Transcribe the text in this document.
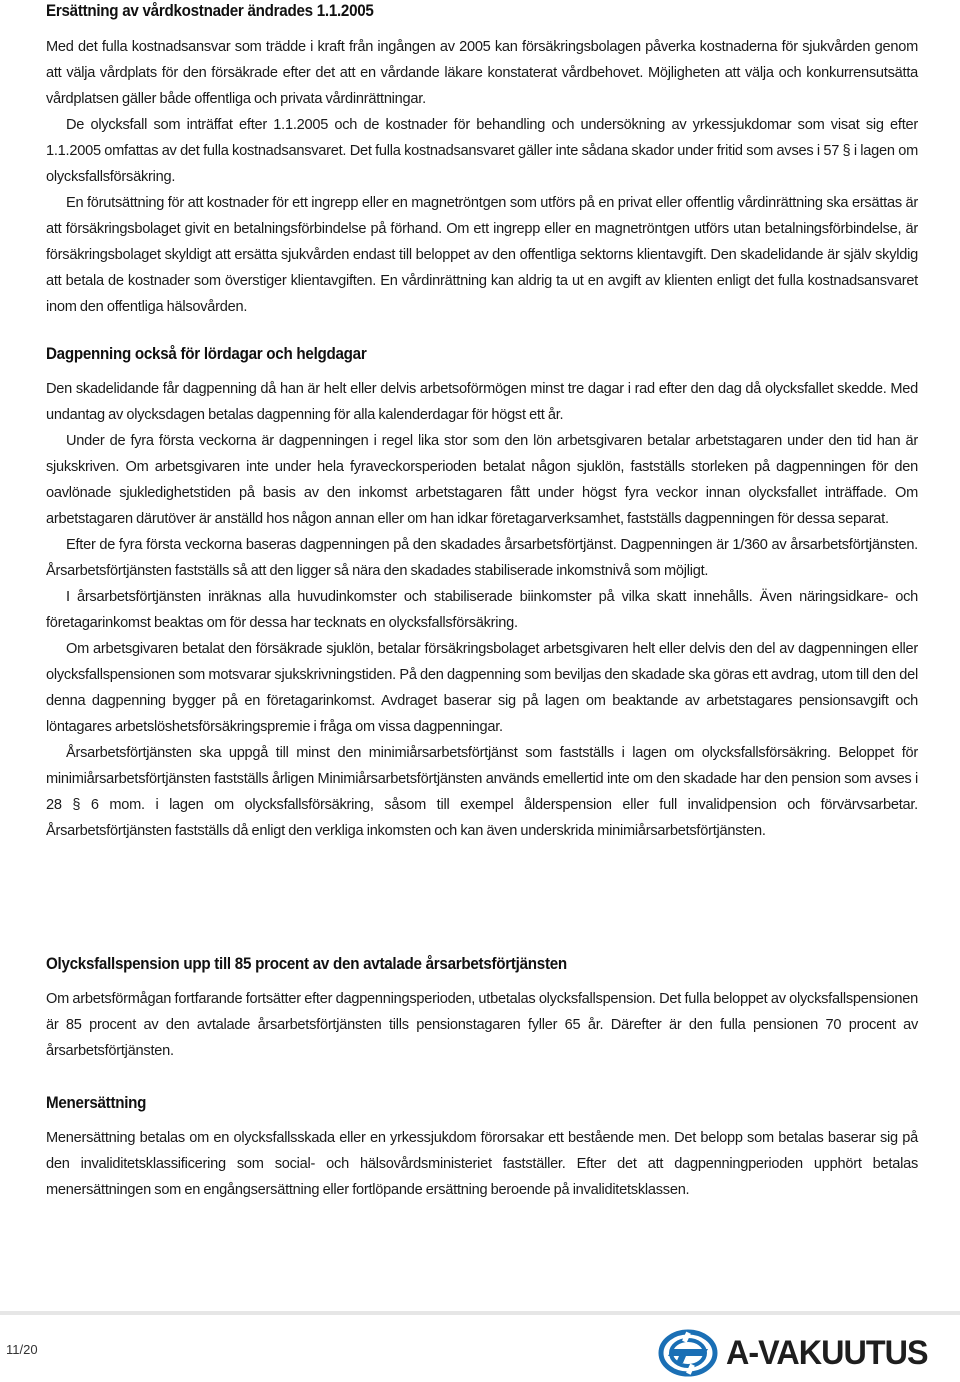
Ersättning av vårdkostnader ändrades 1.1.2005

Med det fulla kostnadsansvar som trädde i kraft från ingången av 2005 kan försäkringsbolagen påverka kostnaderna för sjukvården genom att välja vårdplats för den försäkrade efter det att en vårdande läkare konstaterat vårdbehovet. Möjligheten att välja och konkurrensutsätta vårdplatsen gäller både offentliga och privata vårdinrättningar.

De olycksfall som inträffat efter 1.1.2005 och de kostnader för behandling och undersökning av yrkessjukdomar som visat sig efter 1.1.2005 omfattas av det fulla kostnadsansvaret. Det fulla kostnadsansvaret gäller inte sådana skador under fritid som avses i 57 § i lagen om olycksfallsförsäkring.

En förutsättning för att kostnader för ett ingrepp eller en magnetröntgen som utförs på en privat eller offentlig vårdinrättning ska ersättas är att försäkringsbolaget givit en betalningsförbindelse på förhand. Om ett ingrepp eller en magnetröntgen utförs utan betalningsförbindelse, är försäkringsbolaget skyldigt att ersätta sjukvården endast till beloppet av den offentliga sektorns klientavgift. Den skadelidande är själv skyldig att betala de kostnader som överstiger klientavgiften. En vårdinrättning kan aldrig ta ut en avgift av klienten enligt det fulla kostnadsansvaret inom den offentliga hälsovården.

Dagpenning också för lördagar och helgdagar

Den skadelidande får dagpenning då han är helt eller delvis arbetsoförmögen minst tre dagar i rad efter den dag då olycksfallet skedde. Med undantag av olycksdagen betalas dagpenning för alla kalenderdagar för högst ett år.

Under de fyra första veckorna är dagpenningen i regel lika stor som den lön arbetsgivaren betalar arbetstagaren under den tid han är sjukskriven. Om arbetsgivaren inte under hela fyraveckorsperioden betalat någon sjuklön, fastställs storleken på dagpenningen för den oavlönade sjukledighetstiden på basis av den inkomst arbetstagaren fått under högst fyra veckor innan olycksfallet inträffade. Om arbetstagaren därutöver är anställd hos någon annan eller om han idkar företagarverksamhet, fastställs dagpenningen för dessa separat.

Efter de fyra första veckorna baseras dagpenningen på den skadades årsarbetsförtjänst. Dagpenningen är 1/360 av årsarbetsförtjänsten. Årsarbetsförtjänsten fastställs så att den ligger så nära den skadades stabiliserade inkomstnivå som möjligt.

I årsarbetsförtjänsten inräknas alla huvudinkomster och stabiliserade biinkomster på vilka skatt innehålls. Även näringsidkare- och företagarinkomst beaktas om för dessa har tecknats en olycksfallsförsäkring.

Om arbetsgivaren betalat den försäkrade sjuklön, betalar försäkringsbolaget arbetsgivaren helt eller delvis den del av dagpenningen eller olycksfallspensionen som motsvarar sjukskrivningstiden. På den dagpenning som beviljas den skadade ska göras ett avdrag, utom till den del denna dagpenning bygger på en företagarinkomst. Avdraget baserar sig på lagen om beaktande av arbetstagares pensionsavgift och löntagares arbetslöshetsförsäkringspremie i fråga om vissa dagpenningar.

Årsarbetsförtjänsten ska uppgå till minst den minimiårsarbetsförtjänst som fastställs i lagen om olycksfallsförsäkring. Beloppet för minimiårsarbetsförtjänsten fastställs årligen Minimiårsarbetsförtjänsten används emellertid inte om den skadade har den pension som avses i 28 § 6 mom. i lagen om olycksfallsförsäkring, såsom till exempel ålderspension eller full invalidpension och förvärvsarbetar. Årsarbetsförtjänsten fastställs då enligt den verkliga inkomsten och kan även underskrida minimiårsarbetsförtjänsten.

Olycksfallspension upp till 85 procent av den avtalade årsarbetsförtjänsten

Om arbetsförmågan fortfarande fortsätter efter dagpenningsperioden, utbetalas olycksfallspension. Det fulla beloppet av olycksfallspensionen är 85 procent av den avtalade årsarbetsförtjänsten tills pensionstagaren fyller 65 år. Därefter är den fulla pensionen 70 procent av årsarbetsförtjänsten.

Menersättning

Menersättning betalas om en olycksfallsskada eller en yrkessjukdom förorsakar ett bestående men. Det belopp som betalas baserar sig på den invaliditetsklassificering som social- och hälsovårdsministeriet fastställer. Efter det att dagpenningperioden upphört betalas menersättningen som en engångsersättning eller fortlöpande ersättning beroende på invaliditetsklassen.

11/20	A-VAKUUTUS
